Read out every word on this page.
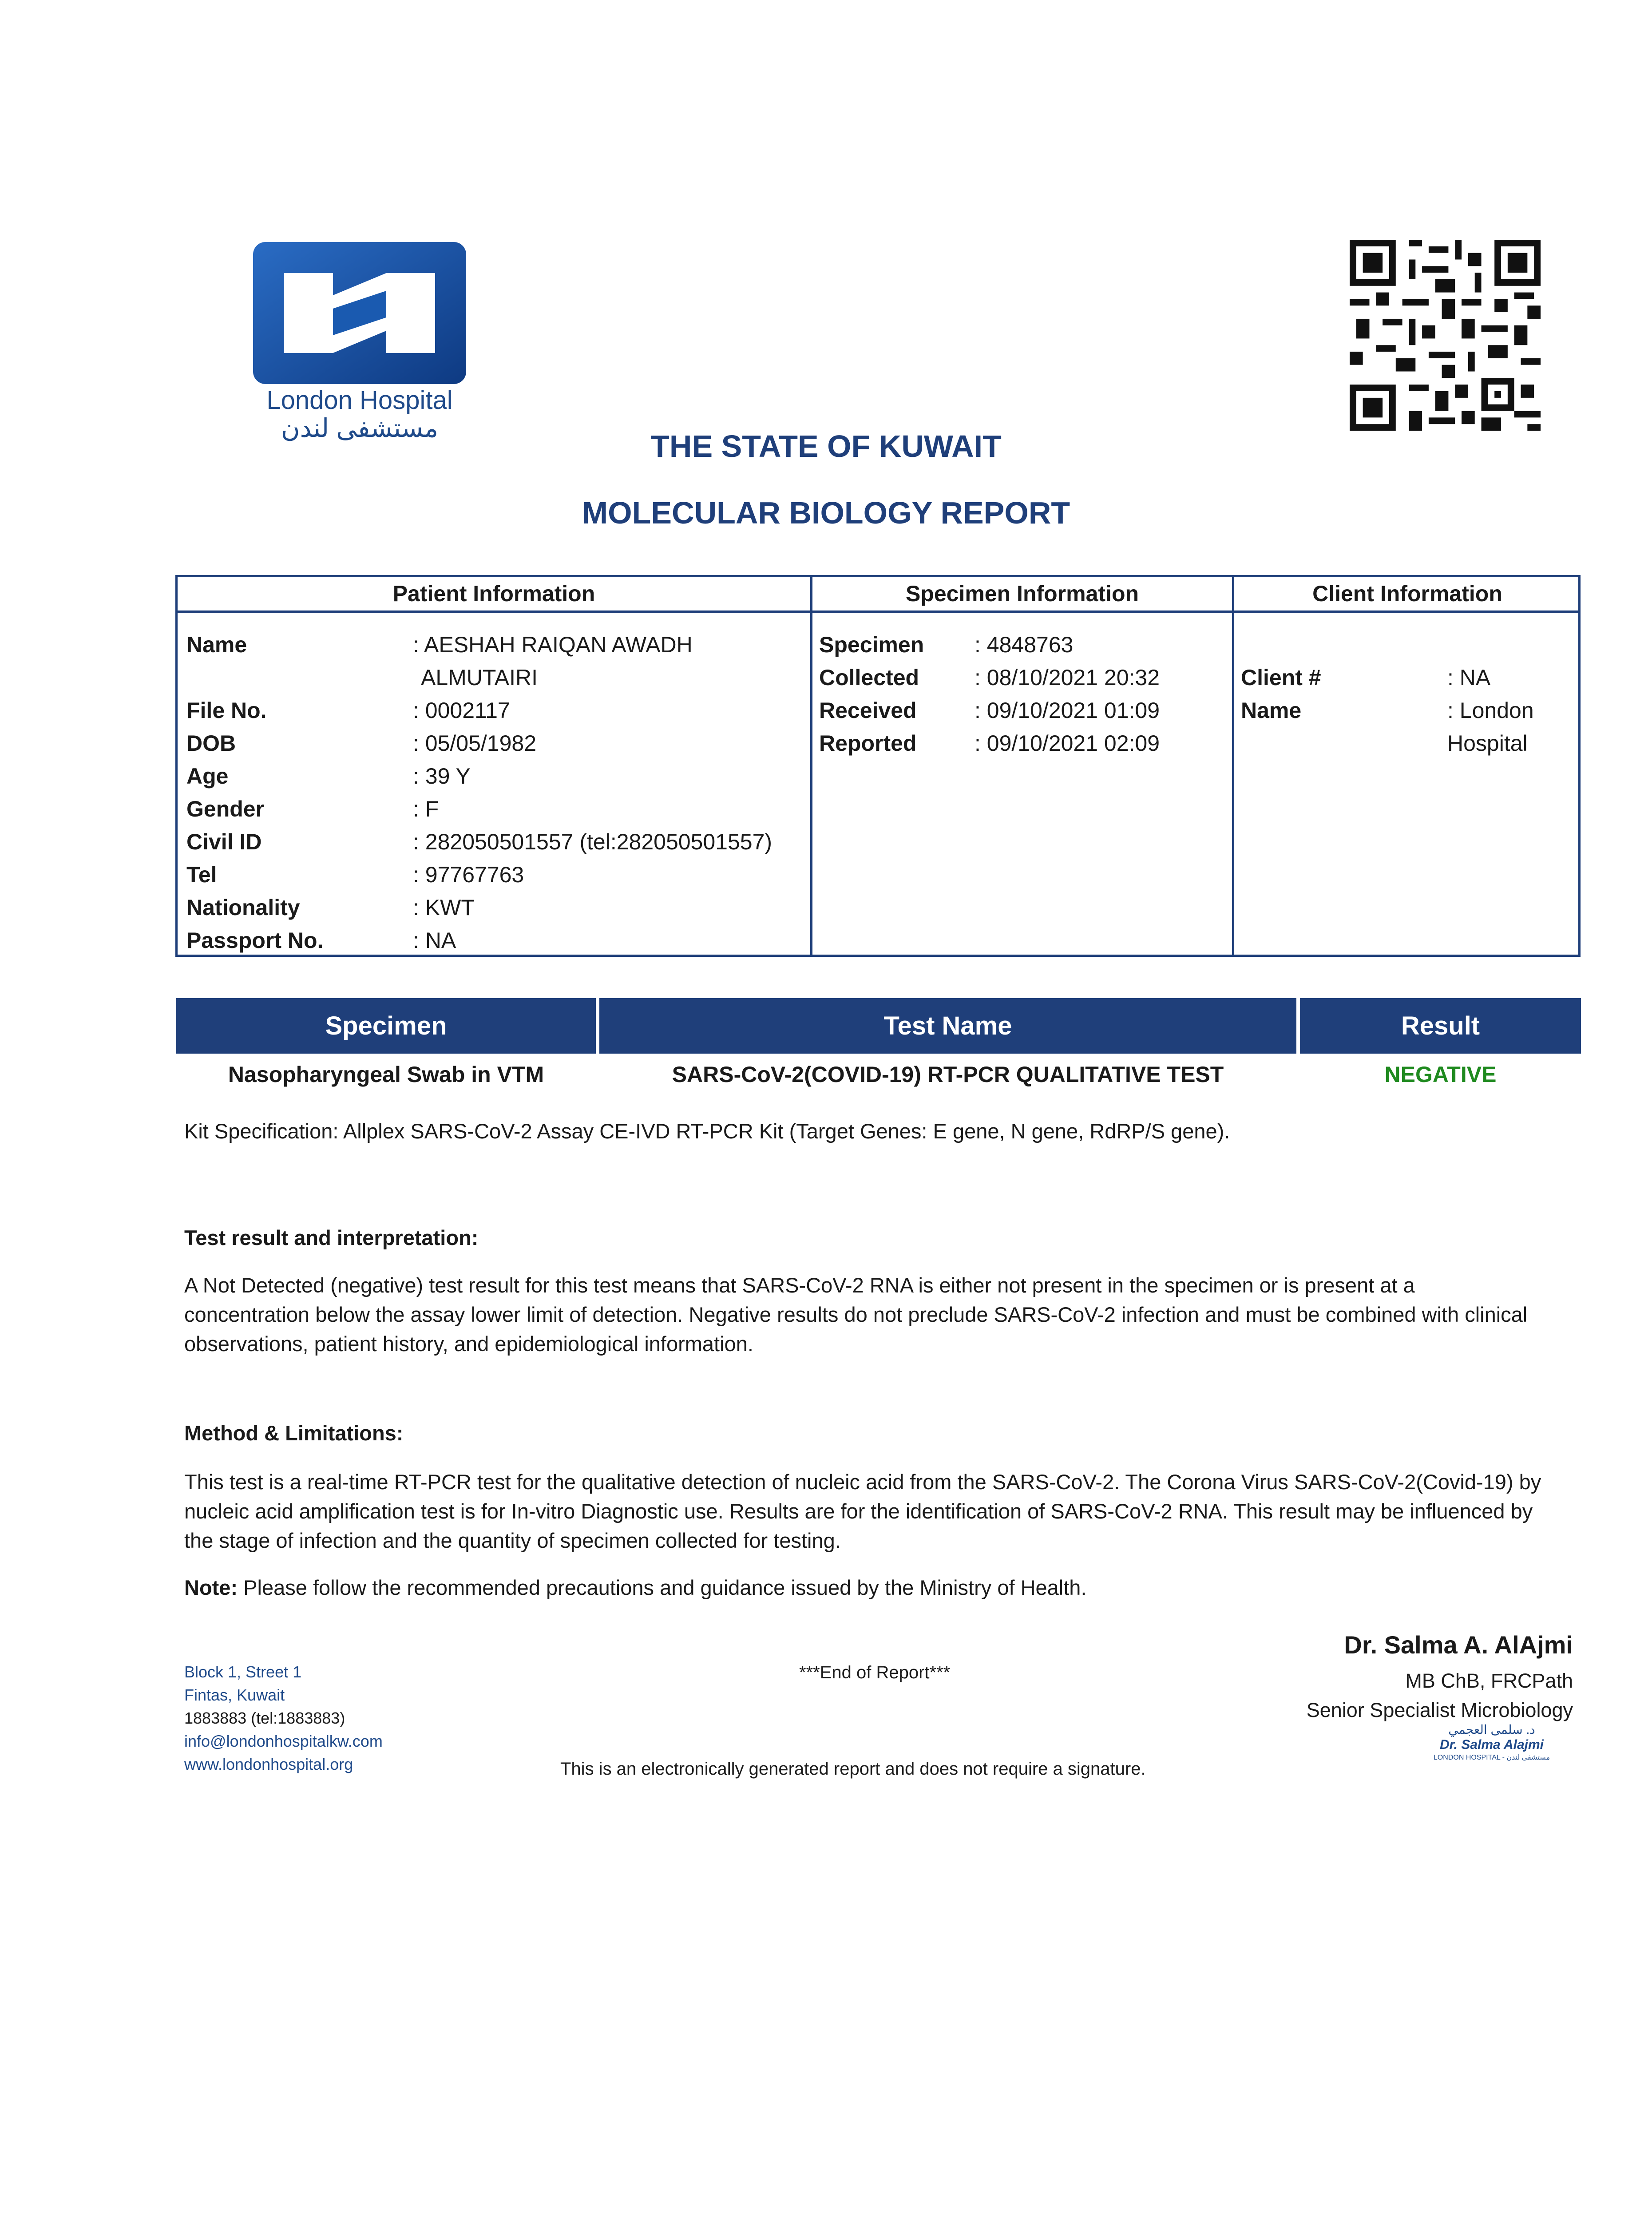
London Hospital
مستشفى لندن
THE STATE OF KUWAIT
MOLECULAR BIOLOGY REPORT
Patient Information	Specimen Information	Client Information
Name	: AESHAH RAIQAN AWADH
ALMUTAIRI
File No.	: 0002117
DOB	: 05/05/1982
Age	: 39 Y
Gender	: F
Civil ID	: 282050501557 (tel:282050501557)
Tel	: 97767763
Nationality	: KWT
Passport No.	: NA
Specimen : 4848763
Collected : 08/10/2021 20:32
Received	: 09/10/2021 01:09
Reported	: 09/10/2021 02:09
Client #	: NA
Name	: London
Hospital
Specimen	Test Name	Result
Nasopharyngeal Swab in VTM	SARS-CoV-2(COVID-19) RT-PCR QUALITATIVE TEST	NEGATIVE
Kit Specification: Allplex SARS-CoV-2 Assay CE-IVD RT-PCR Kit (Target Genes: E gene, N gene, RdRP/S gene).
Test result and interpretation:
A Not Detected (negative) test result for this test means that SARS-CoV-2 RNA is either not present in the specimen or is present at a
concentration below the assay lower limit of detection. Negative results do not preclude SARS-CoV-2 infection and must be combined with clinical
observations, patient history, and epidemiological information.
Method & Limitations:
This test is a real-time RT-PCR test for the qualitative detection of nucleic acid from the SARS-CoV-2. The Corona Virus SARS-CoV-2(Covid-19) by
nucleic acid amplification test is for In-vitro Diagnostic use. Results are for the identification of SARS-CoV-2 RNA. This result may be influenced by
the stage of infection and the quantity of specimen collected for testing.
Note: Please follow the recommended precautions and guidance issued by the Ministry of Health.
Block 1, Street 1
Fintas, Kuwait
1883883 (tel:1883883)
info@londonhospitalkw.com
www.londonhospital.org
***End of Report***
This is an electronically generated report and does not require a signature.
Dr. Salma A. AlAjmi
MB ChB, FRCPath
Senior Specialist Microbiology
د. سلمى العجمي
Dr. Salma Alajmi
LONDON HOSPITAL - مستشفى لندن
